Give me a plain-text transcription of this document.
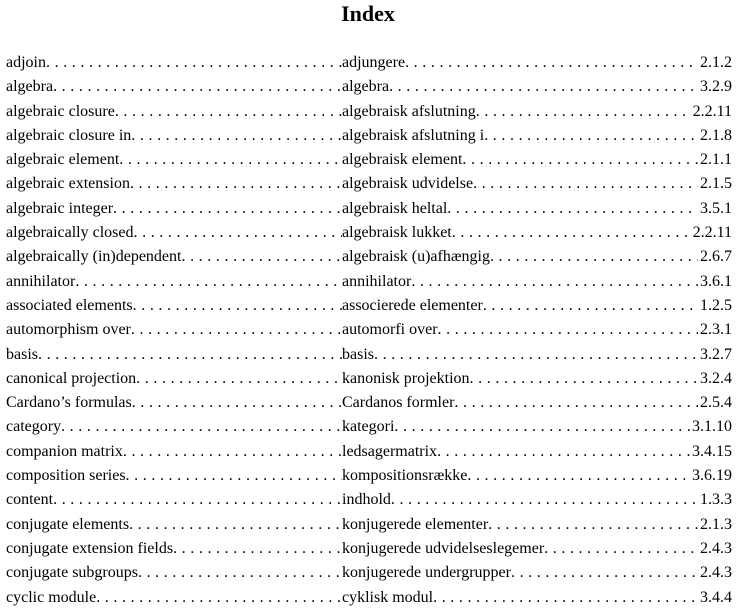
Index
adjoin . . .	adjungere . . .	2.1.2
algebra . . .	algebra . . .	3.2.9
algebraic closure . . .	algebraisk afslutning . . .	2.2.11
algebraic closure in . . .	algebraisk afslutning i . . .	2.1.8
algebraic element . . .	algebraisk element . . .	2.1.1
algebraic extension . . .	algebraisk udvidelse . . .	2.1.5
algebraic integer . . .	algebraisk heltal . . .	3.5.1
algebraically closed . . .	algebraisk lukket . . .	2.2.11
algebraically (in)dependent . . .	algebraisk (u)afhængig . . .	2.6.7
annihilator . . .	annihilator . . .	3.6.1
associated elements . . .	associerede elementer . . .	1.2.5
automorphism over . . .	automorfi over . . .	2.3.1
basis . . .	basis . . .	3.2.7
canonical projection . . .	kanonisk projektion . . .	3.2.4
Cardano’s formulas . . .	Cardanos formler . . .	2.5.4
category . . .	kategori . . .	3.1.10
companion matrix . . .	ledsagermatrix . . .	3.4.15
composition series . . .	kompositionsrække . . .	3.6.19
content . . .	indhold . . .	1.3.3
conjugate elements . . .	konjugerede elementer . . .	2.1.3
conjugate extension fields . . .	konjugerede udvidelseslegemer . . .	2.4.3
conjugate subgroups . . .	konjugerede undergrupper . . .	2.4.3
cyclic module . . .	cyklisk modul . . .	3.4.4
